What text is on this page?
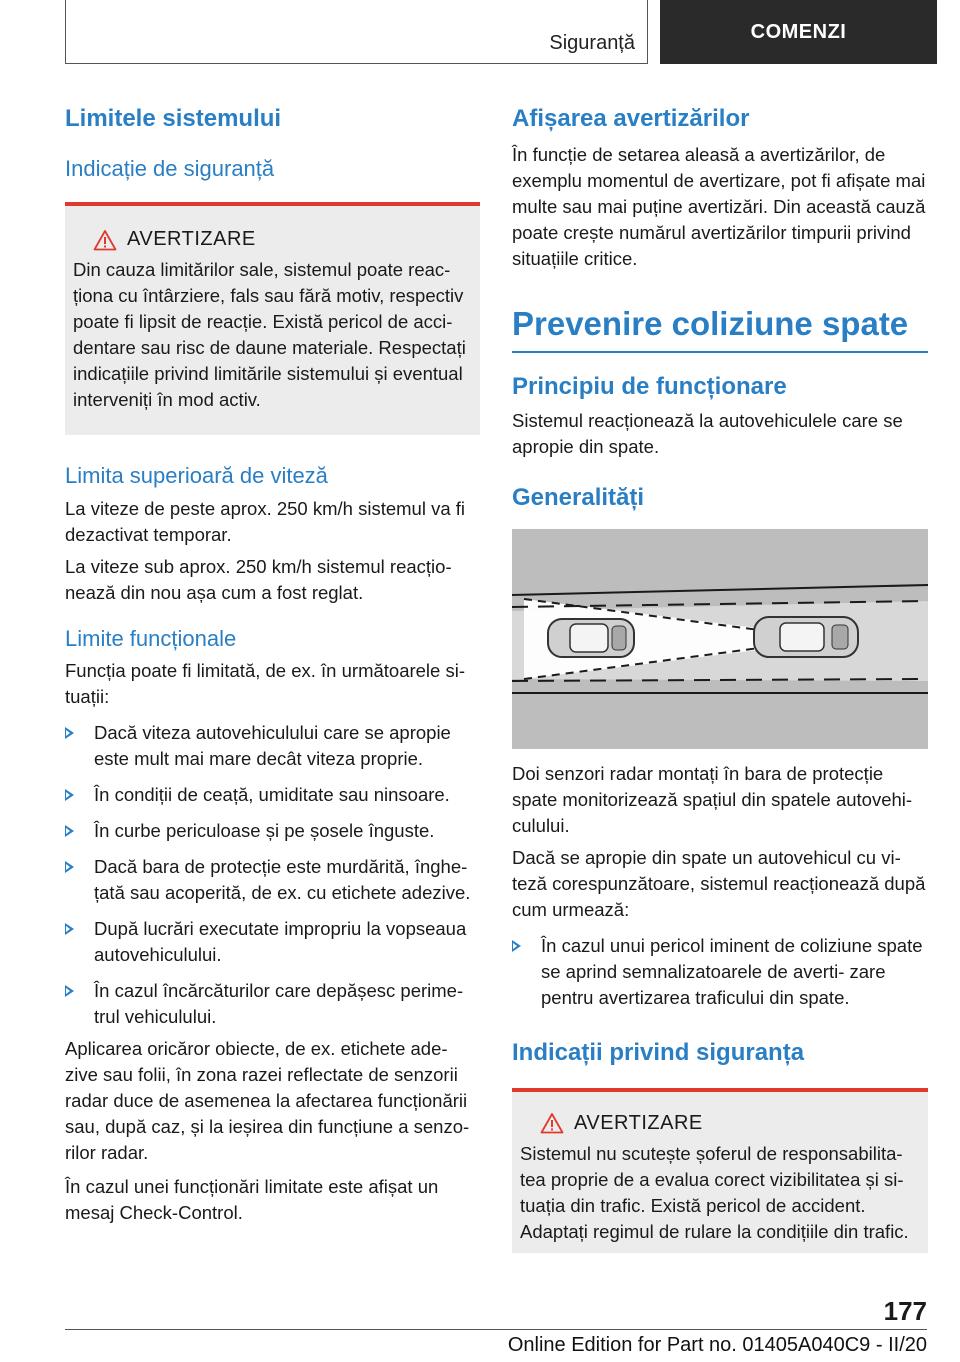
Siguranță
COMENZI
Limitele sistemului
Indicație de siguranță
AVERTIZARE

Din cauza limitărilor sale, sistemul poate reac‐ ționa cu întârziere, fals sau fără motiv, respectiv poate fi lipsit de reacție. Există pericol de acci‐ dentare sau risc de daune materiale. Respectați indicațiile privind limitările sistemului și eventual interveniți în mod activ.

Limita superioară de viteză

La viteze de peste aprox. 250 km/h sistemul va fi dezactivat temporar.

La viteze sub aprox. 250 km/h sistemul reacțio‐ nează din nou așa cum a fost reglat.

Limite funcționale

Funcția poate fi limitată, de ex. în următoarele si‐ tuații:

Dacă viteza autovehiculului care se apropie este mult mai mare decât viteza proprie.
În condiții de ceață, umiditate sau ninsoare.
În curbe periculoase și pe șosele înguste.
Dacă bara de protecție este murdărită, înghe‐ țată sau acoperită, de ex. cu etichete adezive.
După lucrări executate impropriu la vopseaua autovehiculului.
În cazul încărcăturilor care depășesc perime‐ trul vehiculului.

Aplicarea oricăror obiecte, de ex. etichete ade‐ zive sau folii, în zona razei reflectate de senzorii radar duce de asemenea la afectarea funcționării sau, după caz, și la ieșirea din funcțiune a senzo‐ rilor radar.

În cazul unei funcționări limitate este afișat un mesaj Check-Control.

Afișarea avertizărilor

În funcție de setarea aleasă a avertizărilor, de exemplu momentul de avertizare, pot fi afișate mai multe sau mai puține avertizări. Din această cauză poate crește numărul avertizărilor timpurii privind situațiile critice.

Prevenire coliziune spate
Principiu de funcționare

Sistemul reacționează la autovehiculele care se apropie din spate.

Generalități

Doi senzori radar montați în bara de protecție spate monitorizează spațiul din spatele autovehi‐ culului.

Dacă se apropie din spate un autovehicul cu vi‐ teză corespunzătoare, sistemul reacționează după cum urmează:

În cazul unui pericol iminent de coliziune spate se aprind semnalizatoarele de averti‐ zare pentru avertizarea traficului din spate.
Indicații privind siguranța
AVERTIZARE

Sistemul nu scutește șoferul de responsabilita‐ tea proprie de a evalua corect vizibilitatea și si‐ tuația din trafic. Există pericol de accident. Adaptați regimul de rulare la condițiile din trafic.

177
Online Edition for Part no. 01405A040C9 - II/20
